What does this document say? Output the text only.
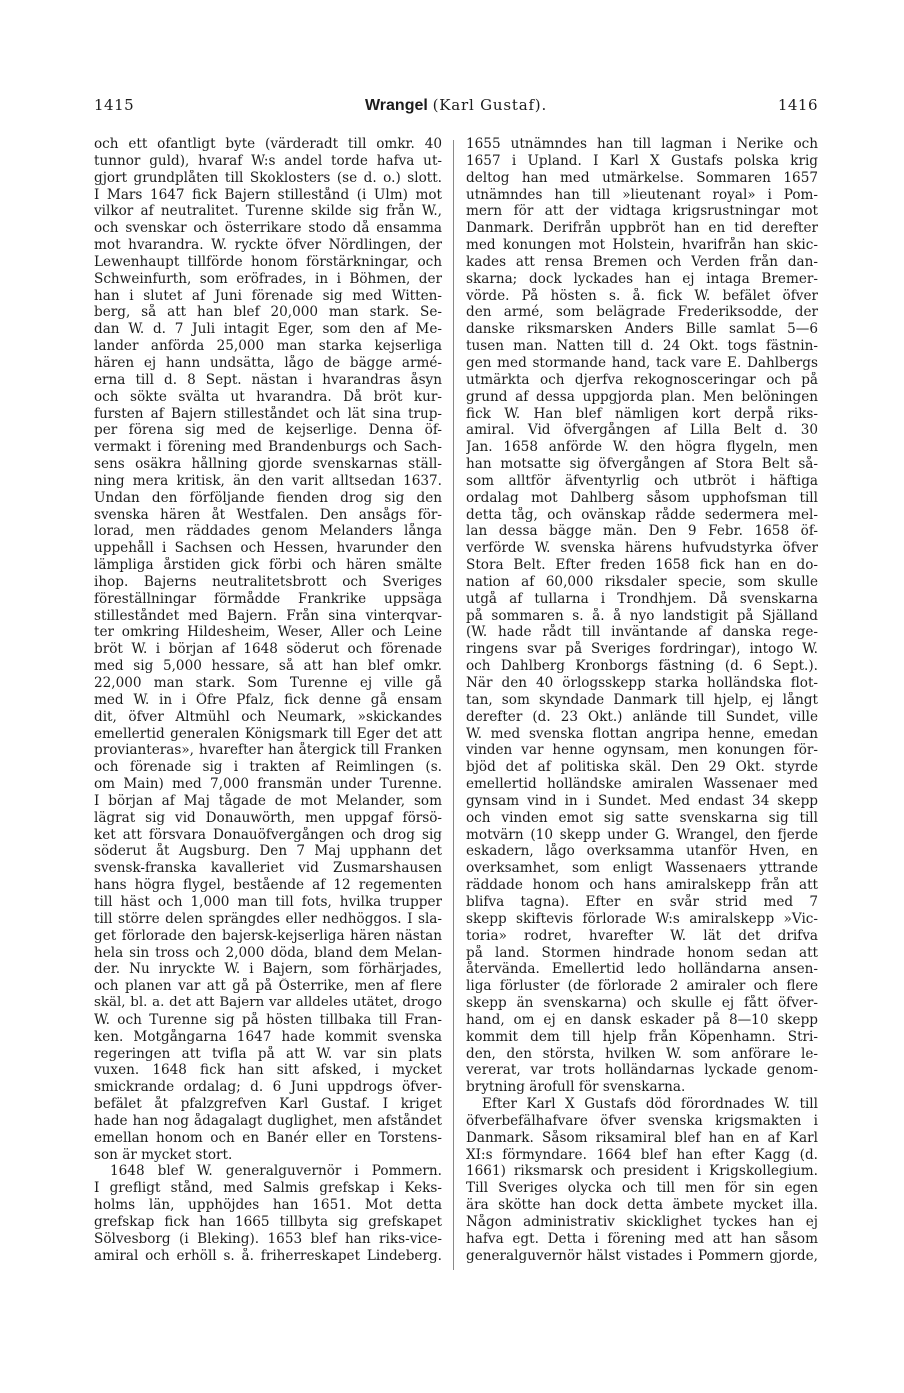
1415	Wrangel (Karl Gustaf).	1416
och ett ofantligt byte (värderadt till omkr. 40
tunnor guld), hvaraf W:s andel torde hafva ut-
gjort grundplåten till Skoklosters (se d. o.) slott.
I Mars 1647 fick Bajern stillestånd (i Ulm) mot
vilkor af neutralitet. Turenne skilde sig från W.,
och svenskar och österrikare stodo då ensamma
mot hvarandra. W. ryckte öfver Nördlingen, der
Lewenhaupt tillförde honom förstärkningar, och
Schweinfurth, som eröfrades, in i Böhmen, der
han i slutet af Juni förenade sig med Witten-
berg, så att han blef 20,000 man stark. Se-
dan W. d. 7 Juli intagit Eger, som den af Me-
lander anförda 25,000 man starka kejserliga
hären ej hann undsätta, lågo de bägge armé-
erna till d. 8 Sept. nästan i hvarandras åsyn
och sökte svälta ut hvarandra. Då bröt kur-
fursten af Bajern stilleståndet och lät sina trup-
per förena sig med de kejserlige. Denna öf-
vermakt i förening med Brandenburgs och Sach-
sens osäkra hållning gjorde svenskarnas ställ-
ning mera kritisk, än den varit alltsedan 1637.
Undan den förföljande fienden drog sig den
svenska hären åt Westfalen. Den ansågs för-
lorad, men räddades genom Melanders långa
uppehåll i Sachsen och Hessen, hvarunder den
lämpliga årstiden gick förbi och hären smälte
ihop. Bajerns neutralitetsbrott och Sveriges
föreställningar förmådde Frankrike uppsäga
stilleståndet med Bajern. Från sina vinterqvar-
ter omkring Hildesheim, Weser, Aller och Leine
bröt W. i början af 1648 söderut och förenade
med sig 5,000 hessare, så att han blef omkr.
22,000 man stark. Som Turenne ej ville gå
med W. in i Öfre Pfalz, fick denne gå ensam
dit, öfver Altmühl och Neumark, »skickandes
emellertid generalen Königsmark till Eger det att
provianteras», hvarefter han återgick till Franken
och förenade sig i trakten af Reimlingen (s.
om Main) med 7,000 fransmän under Turenne.
I början af Maj tågade de mot Melander, som
lägrat sig vid Donauwörth, men uppgaf försö-
ket att försvara Donauöfvergången och drog sig
söderut åt Augsburg. Den 7 Maj upphann det
svensk-franska kavalleriet vid Zusmarshausen
hans högra flygel, bestående af 12 regementen
till häst och 1,000 man till fots, hvilka trupper
till större delen sprängdes eller nedhöggos. I sla-
get förlorade den bajersk-kejserliga hären nästan
hela sin tross och 2,000 döda, bland dem Melan-
der. Nu inryckte W. i Bajern, som förhärjades,
och planen var att gå på Österrike, men af flere
skäl, bl. a. det att Bajern var alldeles utätet, drogo
W. och Turenne sig på hösten tillbaka till Fran-
ken. Motgångarna 1647 hade kommit svenska
regeringen att tvifla på att W. var sin plats
vuxen. 1648 fick han sitt afsked, i mycket
smickrande ordalag; d. 6 Juni uppdrogs öfver-
befälet åt pfalzgrefven Karl Gustaf. I kriget
hade han nog ådagalagt duglighet, men afståndet
emellan honom och en Banér eller en Torstens-
son är mycket stort.
1648 blef W. generalguvernör i Pommern.
I grefligt stånd, med Salmis grefskap i Keks-
holms län, upphöjdes han 1651. Mot detta
grefskap fick han 1665 tillbyta sig grefskapet
Sölvesborg (i Bleking). 1653 blef han riks-vice-
amiral och erhöll s. å. friherreskapet Lindeberg.
1655 utnämndes han till lagman i Nerike och
1657 i Upland. I Karl X Gustafs polska krig
deltog han med utmärkelse. Sommaren 1657
utnämndes han till »lieutenant royal» i Pom-
mern för att der vidtaga krigsrustningar mot
Danmark. Derifrån uppbröt han en tid derefter
med konungen mot Holstein, hvarifrån han skic-
kades att rensa Bremen och Verden från dan-
skarna; dock lyckades han ej intaga Bremer-
vörde. På hösten s. å. fick W. befälet öfver
den armé, som belägrade Frederiksodde, der
danske riksmarsken Anders Bille samlat 5—6
tusen man. Natten till d. 24 Okt. togs fästnin-
gen med stormande hand, tack vare E. Dahlbergs
utmärkta och djerfva rekognosceringar och på
grund af dessa uppgjorda plan. Men belöningen
fick W. Han blef nämligen kort derpå riks-
amiral. Vid öfvergången af Lilla Belt d. 30
Jan. 1658 anförde W. den högra flygeln, men
han motsatte sig öfvergången af Stora Belt så-
som alltför äfventyrlig och utbröt i häftiga
ordalag mot Dahlberg såsom upphofsman till
detta tåg, och ovänskap rådde sedermera mel-
lan dessa bägge män. Den 9 Febr. 1658 öf-
verförde W. svenska härens hufvudstyrka öfver
Stora Belt. Efter freden 1658 fick han en do-
nation af 60,000 riksdaler specie, som skulle
utgå af tullarna i Trondhjem. Då svenskarna
på sommaren s. å. å nyo landstigit på Själland
(W. hade rådt till inväntande af danska rege-
ringens svar på Sveriges fordringar), intogo W.
och Dahlberg Kronborgs fästning (d. 6 Sept.).
När den 40 örlogsskepp starka holländska flot-
tan, som skyndade Danmark till hjelp, ej långt
derefter (d. 23 Okt.) anlände till Sundet, ville
W. med svenska flottan angripa henne, emedan
vinden var henne ogynsam, men konungen för-
bjöd det af politiska skäl. Den 29 Okt. styrde
emellertid holländske amiralen Wassenaer med
gynsam vind in i Sundet. Med endast 34 skepp
och vinden emot sig satte svenskarna sig till
motvärn (10 skepp under G. Wrangel, den fjerde
eskadern, lågo overksamma utanför Hven, en
overksamhet, som enligt Wassenaers yttrande
räddade honom och hans amiralskepp från att
blifva tagna). Efter en svår strid med 7
skepp skiftevis förlorade W:s amiralskepp »Vic-
toria» rodret, hvarefter W. lät det drifva
på land. Stormen hindrade honom sedan att
återvända. Emellertid ledo holländarna ansen-
liga förluster (de förlorade 2 amiraler och flere
skepp än svenskarna) och skulle ej fått öfver-
hand, om ej en dansk eskader på 8—10 skepp
kommit dem till hjelp från Köpenhamn. Stri-
den, den största, hvilken W. som anförare le-
vererat, var trots holländarnas lyckade genom-
brytning ärofull för svenskarna.
Efter Karl X Gustafs död förordnades W. till
öfverbefälhafvare öfver svenska krigsmakten i
Danmark. Såsom riksamiral blef han en af Karl
XI:s förmyndare. 1664 blef han efter Kagg (d.
1661) riksmarsk och president i Krigskollegium.
Till Sveriges olycka och till men för sin egen
ära skötte han dock detta ämbete mycket illa.
Någon administrativ skicklighet tyckes han ej
hafva egt. Detta i förening med att han såsom
generalguvernör hälst vistades i Pommern gjorde,
